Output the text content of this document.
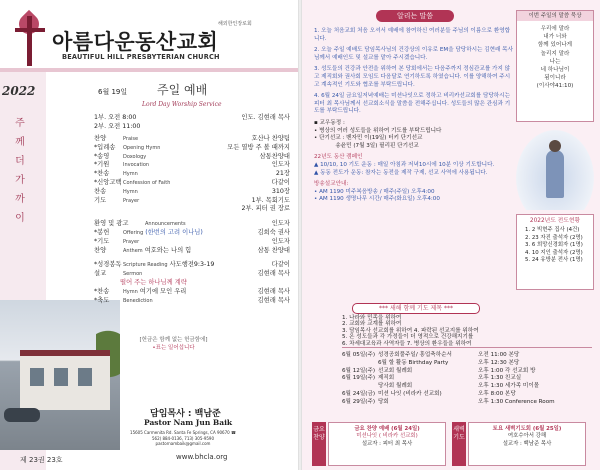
해외한인장로회
아름다운동산교회
BEAUTIFUL HILL PRESBYTERIAN CHURCH
2022
주
께
더
가
까
이
제 23권 23호
6월 19일 주일 예배
Lord Day Worship Service
1부. 오전 8:00	인도. 김현래 목사
2부. 오전 11:00
찬양	Praise	호산나 찬양팀
*입례송	Opening Hymn	모든 열방 주 볼 때까지
*송영	Doxology	삼통찬양대
*기원	Invocation	인도자
*찬송	Hymn	21장
*신앙고백 Confession of Faith	다같이
찬송	Hymn	310장
기도	Prayer	1부. 목회기도
2부. 피터 권 장로
환영 및 광고	Announcements	인도자
*봉헌	Offering (한번의 고려 이나님)	김희숙 권사
*기도	Prayer	인도자
찬양	Anthem 여호와는 나의 힘	삼통 찬양대
*성경봉독 Scripture Reading 사도행전9:3-19	다같이
설교	Sermon	김현래 목사
떨어 주는 하나님께 계략
*찬송	Hymn 여기에 모인 우리	김현래 목사
*축도	Benediction	김현래 목사
[헌금은 함께 없는 헌금함에]
•표는 일어섭니다
담임목사 : 백남준
Pastor Nam Jun Baik
15605 Carmenita Rd. Santa Fe Springs, CA 90670 ☎ 562) 884-0136, 713) 305-9590 pastornambaik@gmail.com
www.bhcla.org
알리는 말씀

1. 오늘 처음교회 처음 오셔서 예배에 참여하신 여러분들 주님의 이름으로 환영합니다.

2. 오늘 주일 예배도 담임목사님의 건강상의 이유로 EM을 담당하시는 김현래 목사님께서 예배인도 및 설교를 맡아 주시겠습니다.

3. 성도들의 건강과 안전을 위하여 본 당회에서는 다음주까지 정심관교를 가지 않고 제직회와 권사회 모임도 다음달로 연기하도록 하였습니다. 이를 양해하여 주시고 계속적인 기도와 협조를 부탁드립니다.

4. 6월 24일 금요일저녁예배는 미션나잇으로 정하고 비리카선교회를 담당하시는 피터 최 목사님께서 선교회소식을 말씀을 전해주십니다. 성도들의 많은 관심과 기도를 부탁드립니다.

▪ 교우동정 :

• 병상의 여러 성도들을 위하여 기도를 부탁드립니다
• 단기선교 : 벤자민 이(19일) 터키 단기선교
송윤민 (7월 3일) 필리핀 단기선교
22년도 동산 캠페인
▲ 10/10, 10 기도 운동 : 매일 아침과 저녁10시에 10분 이상 기도합니다.
▲ 동동 전도가 운동: 참자는 동전을 제작 구제, 선교 사역에 사용됩니다.
방송설교안내:
• AM 1190 미주복음방송 / 매주(주일) 오후4:00
• AM 1190 생명나무 시간/ 매주(화요일) 오후4:00
*** 새해 함께 기도 제목 ***
1. 나라와 민족을 위하여
2. 교회와 교계를 위하여
3. 담임목사 선교회를 위하여 4. 파락된 선교지를 위하여
5. 온 성도들과 각 가정들이 더 영적으로 건강해지기를
6. 차세대교육과 사역자들 7. 병상의 환우들을 위하여
6월 05일(주) 성경공회풀주일/ 흥업축하순서	오전 11:00 본당
6월 할 활동 Birthday Party	오후 12:30 본당
6월 12일(주) 선교회 월례회	오후 1:00 각 선교회 방
6월 19일(주) 제직회	오후 1:30 친교실
당사회 월례회	오후 1:30 세가족 미이몰
6월 24일(금) 미션 나잇 (비라카 선교회)	오후 8:00 본당
6월 29일(주) 당회	오후 1:30 Conference Room
이번 주일의 말씀 묵상
우리에 말라
내가 너와
함께 있어나게
놀리지 말라
나는
네 하나님이
됨이니라
(이사야41:10)
2022년도 전도현황
1. 2 빅현주 집사 (4건)
2. 23 자진 출석자 (2명)
3. 6 희망신경회자 (1명)
4. 10 지인 출석자 (2명)
5. 24 유방분 전사 (1명)
금요찬양
금요 찬양 예배 (6월 24일)
미션나잇 ( 비라카 선교회)
설교자 : 피터 최 목사
새벽기도
토요 새벽기도회 (6월 25일)
여호수아서 강해
설교자 : 백남준 목사
